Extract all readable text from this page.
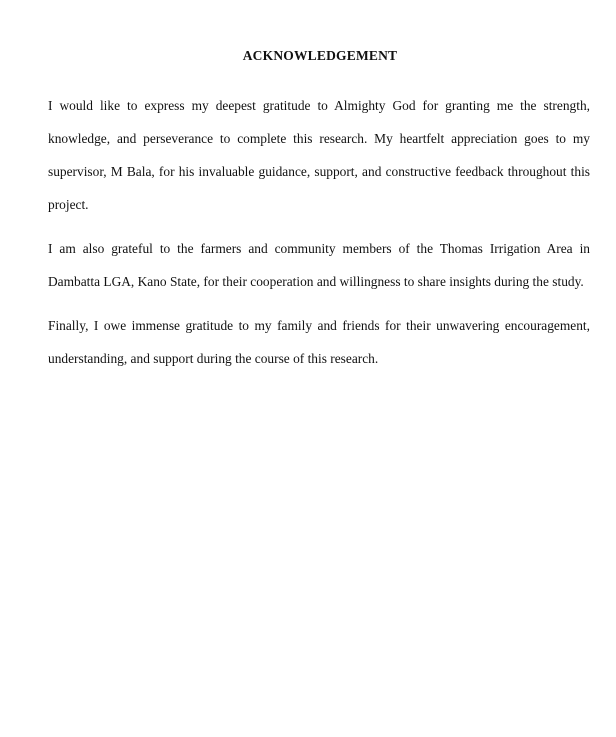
ACKNOWLEDGEMENT

I would like to express my deepest gratitude to Almighty God for granting me the strength, knowledge, and perseverance to complete this research. My heartfelt appreciation goes to my supervisor, M Bala, for his invaluable guidance, support, and constructive feedback throughout this project.

I am also grateful to the farmers and community members of the Thomas Irrigation Area in Dambatta LGA, Kano State, for their cooperation and willingness to share insights during the study.

Finally, I owe immense gratitude to my family and friends for their unwavering encouragement, understanding, and support during the course of this research.
